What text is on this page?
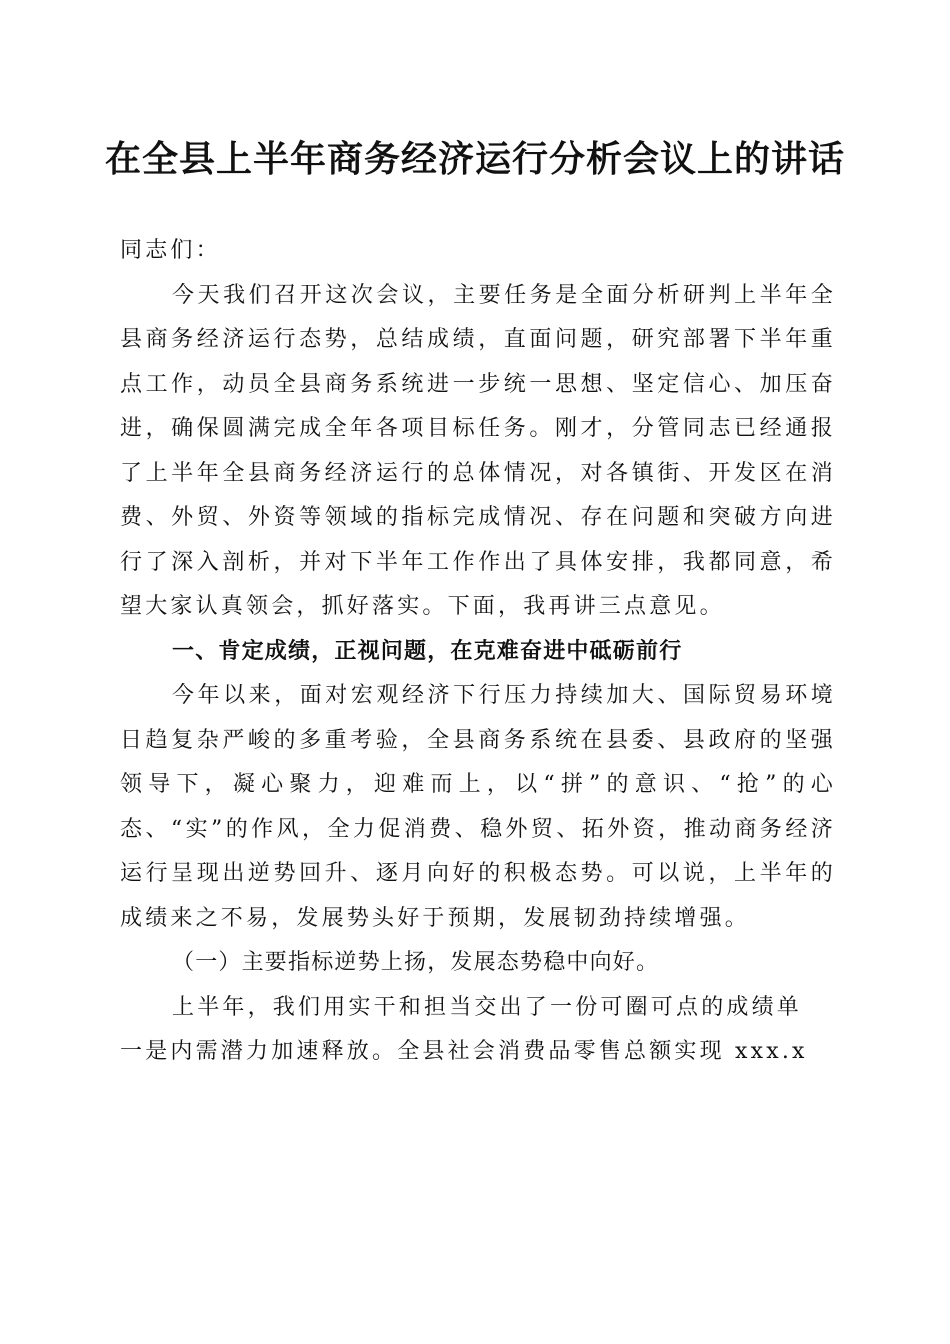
在全县上半年商务经济运行分析会议上的讲话

同志们：

今天我们召开这次会议，主要任务是全面分析研判上半年全县商务经济运行态势，总结成绩，直面问题，研究部署下半年重点工作，动员全县商务系统进一步统一思想、坚定信心、加压奋进，确保圆满完成全年各项目标任务。刚才，分管同志已经通报了上半年全县商务经济运行的总体情况，对各镇街、开发区在消费、外贸、外资等领域的指标完成情况、存在问题和突破方向进行了深入剖析，并对下半年工作作出了具体安排，我都同意，希望大家认真领会，抓好落实。下面，我再讲三点意见。

一、肯定成绩，正视问题，在克难奋进中砥砺前行

今年以来，面对宏观经济下行压力持续加大、国际贸易环境日趋复杂严峻的多重考验，全县商务系统在县委、县政府的坚强领导下，凝心聚力，迎难而上，以“拼”的意识、“抢”的心态、“实”的作风，全力促消费、稳外贸、拓外资，推动商务经济运行呈现出逆势回升、逐月向好的积极态势。可以说，上半年的成绩来之不易，发展势头好于预期，发展韧劲持续增强。

（一）主要指标逆势上扬，发展态势稳中向好。

上半年，我们用实干和担当交出了一份可圈可点的成绩单

一是内需潜力加速释放。全县社会消费品零售总额实现 xxx.x
